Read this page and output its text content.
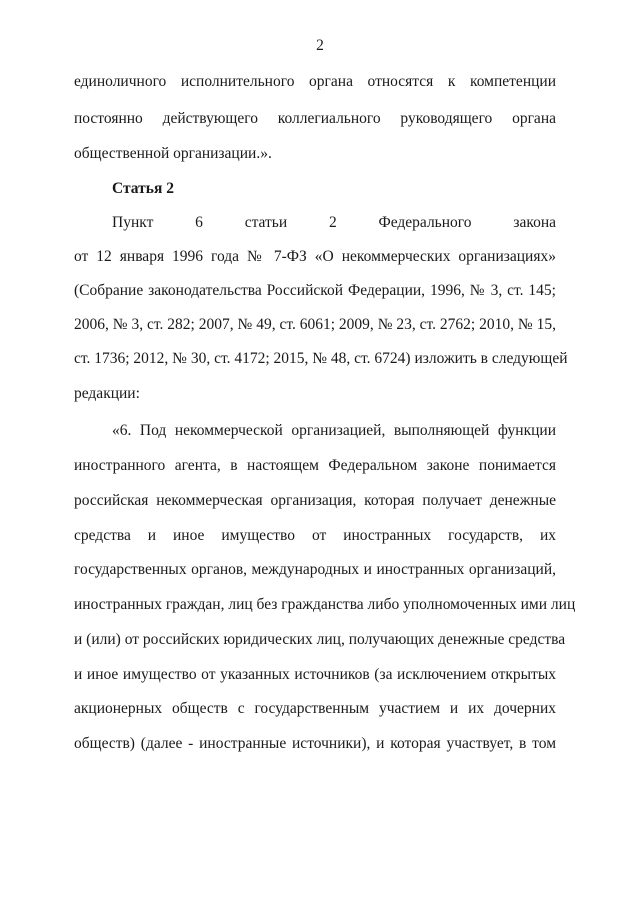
2
единоличного исполнительного органа относятся к компетенции
постоянно действующего коллегиального руководящего органа
общественной организации.».
Статья 2
Пункт 6 статьи 2 Федерального закона
от 12 января 1996 года № 7-ФЗ «О некоммерческих организациях»
(Собрание законодательства Российской Федерации, 1996, № 3, ст. 145;
2006, № 3, ст. 282; 2007, № 49, ст. 6061; 2009, № 23, ст. 2762; 2010, № 15,
ст. 1736; 2012, № 30, ст. 4172; 2015, № 48, ст. 6724) изложить в следующей
редакции:
«6. Под некоммерческой организацией, выполняющей функции
иностранного агента, в настоящем Федеральном законе понимается
российская некоммерческая организация, которая получает денежные
средства и иное имущество от иностранных государств, их
государственных органов, международных и иностранных организаций,
иностранных граждан, лиц без гражданства либо уполномоченных ими лиц
и (или) от российских юридических лиц, получающих денежные средства
и иное имущество от указанных источников (за исключением открытых
акционерных обществ с государственным участием и их дочерних
обществ) (далее - иностранные источники), и которая участвует, в том
